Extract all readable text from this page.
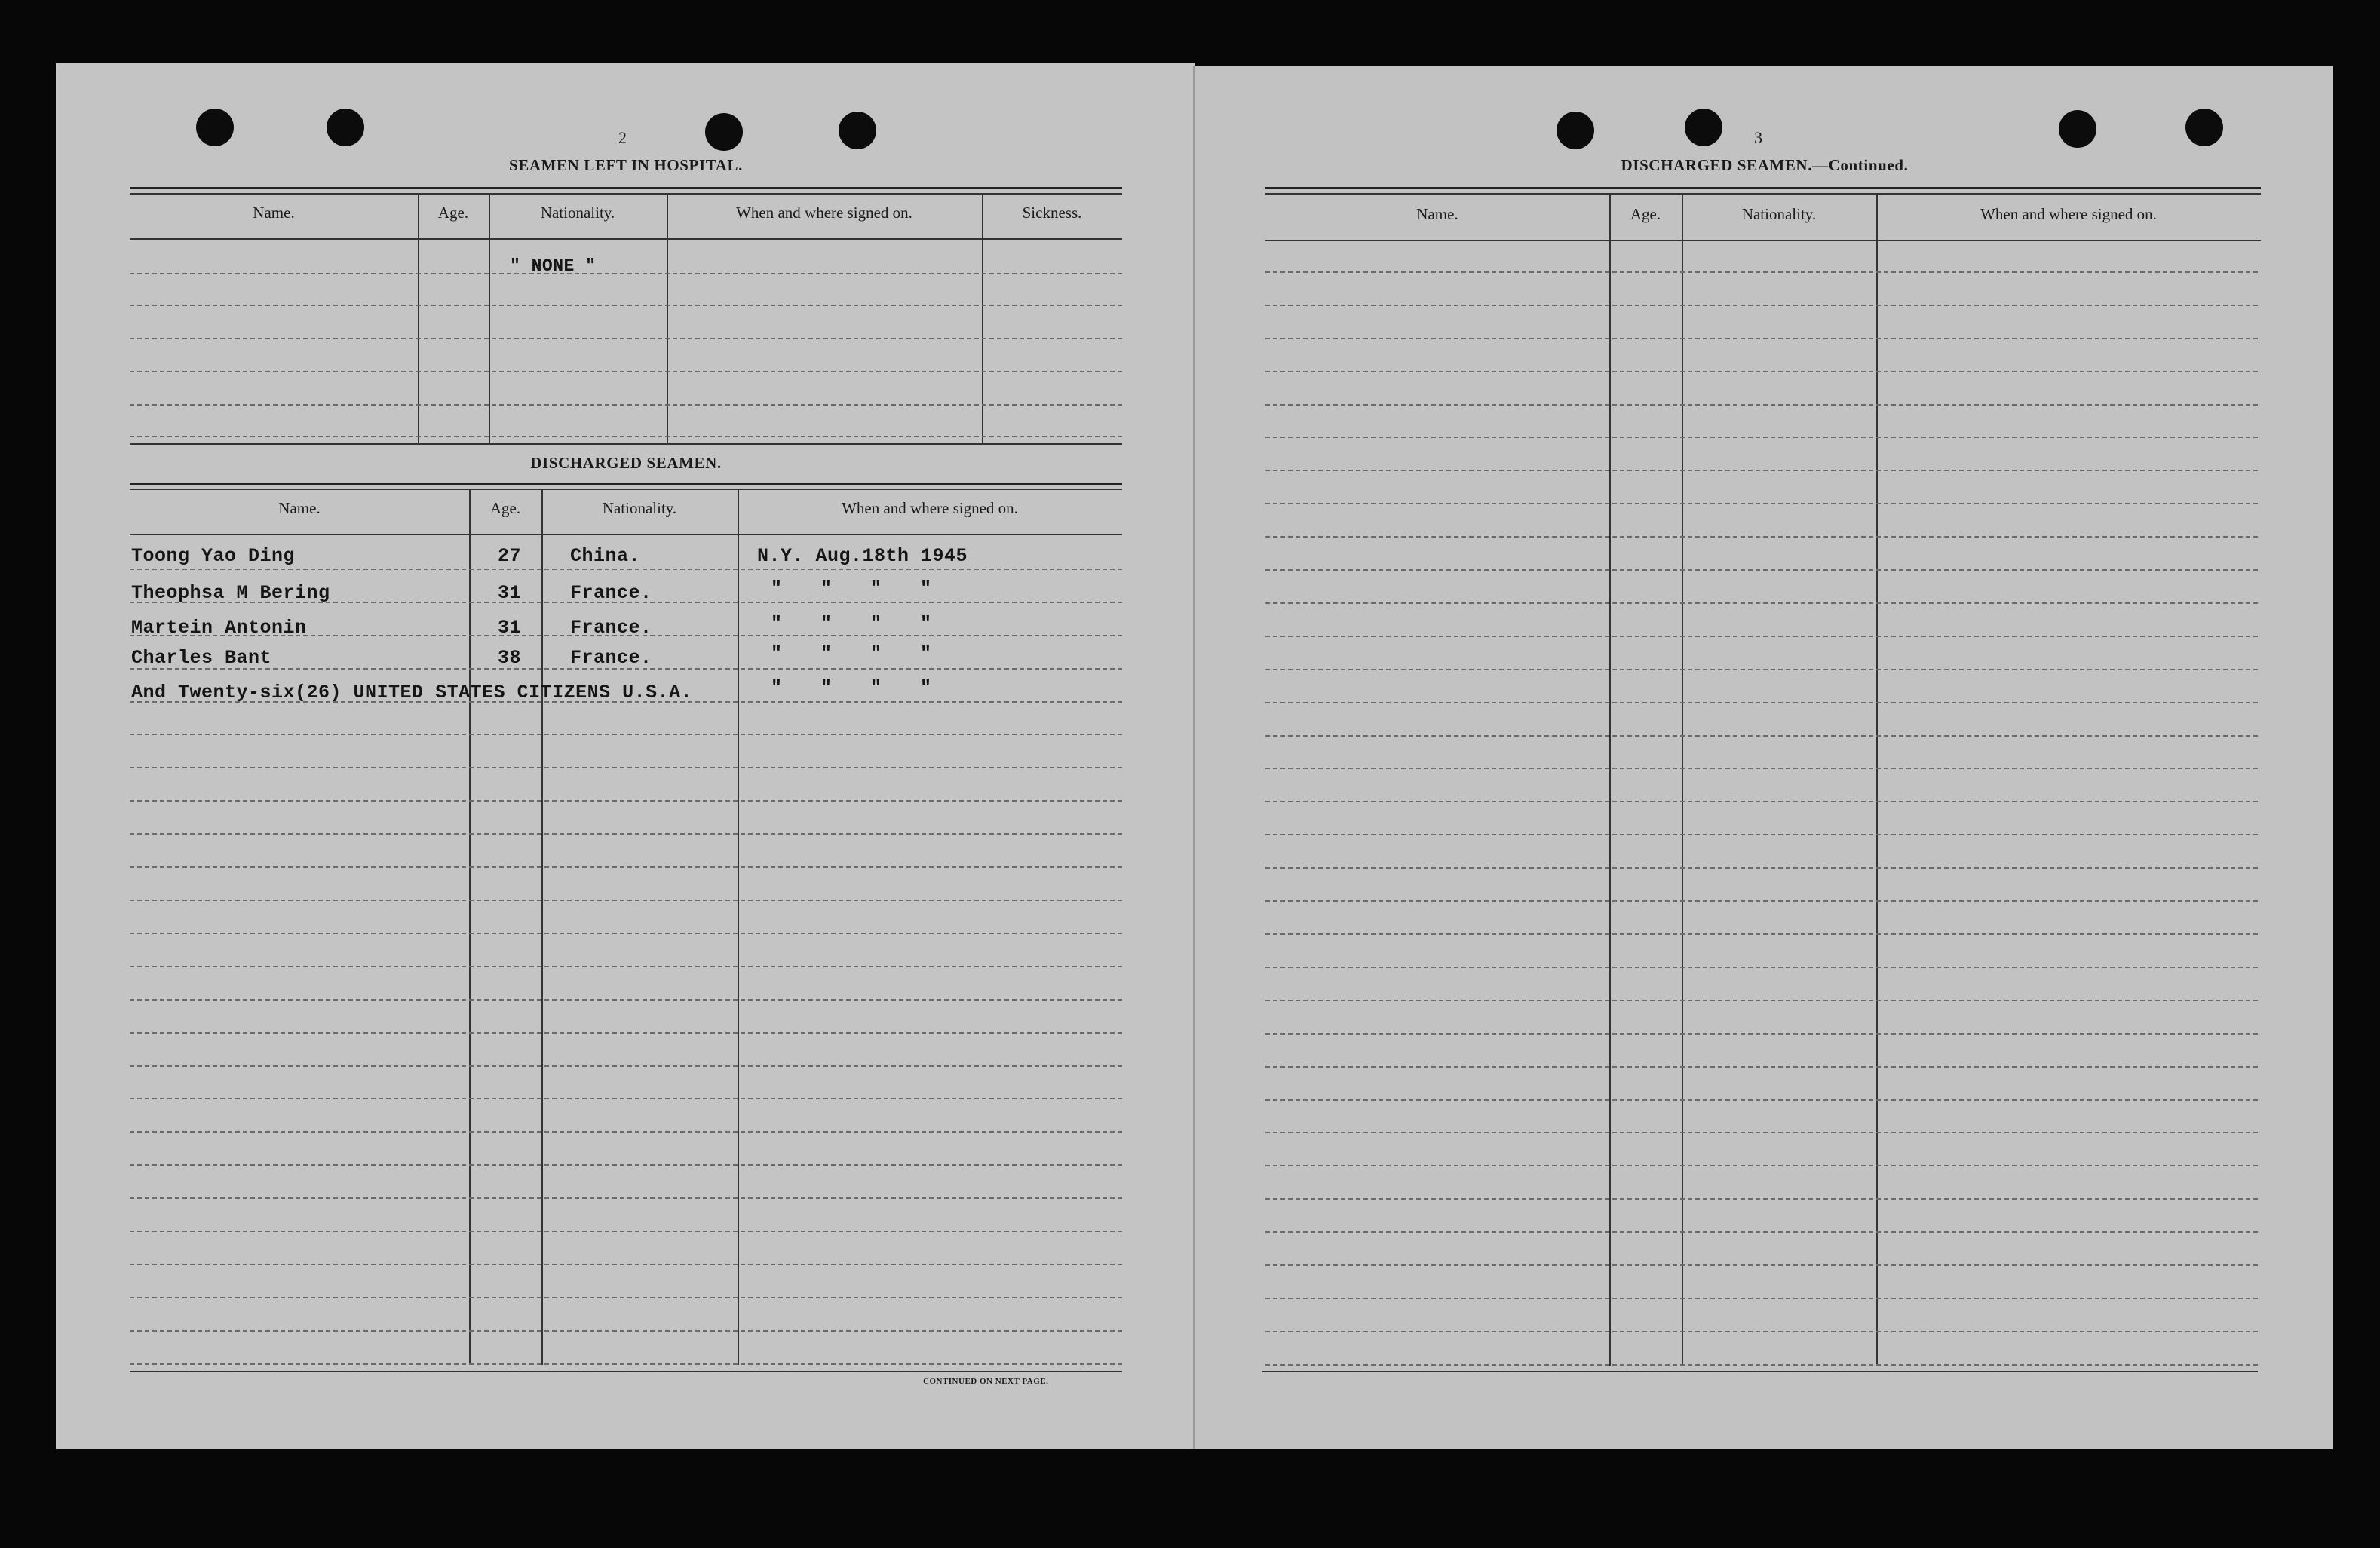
2
SEAMEN LEFT IN HOSPITAL.
Name.	Age.	Nationality.	When and where signed on.	Sickness.
" NONE "
DISCHARGED SEAMEN.
Name.	Age.	Nationality.	When and where signed on.
Toong Yao Ding	27	China.	N.Y. Aug.18th 1945
Theophsa M Bering	31	France.	" " " "
Martein Antonin	31	France.	" " " "
Charles Bant	38	France.	" " " "
And Twenty-six(26) UNITED STATES CITIZENS U.S.A.	" " " "
CONTINUED ON NEXT PAGE.
3
DISCHARGED SEAMEN.—Continued.
Name.	Age.	Nationality.	When and where signed on.
